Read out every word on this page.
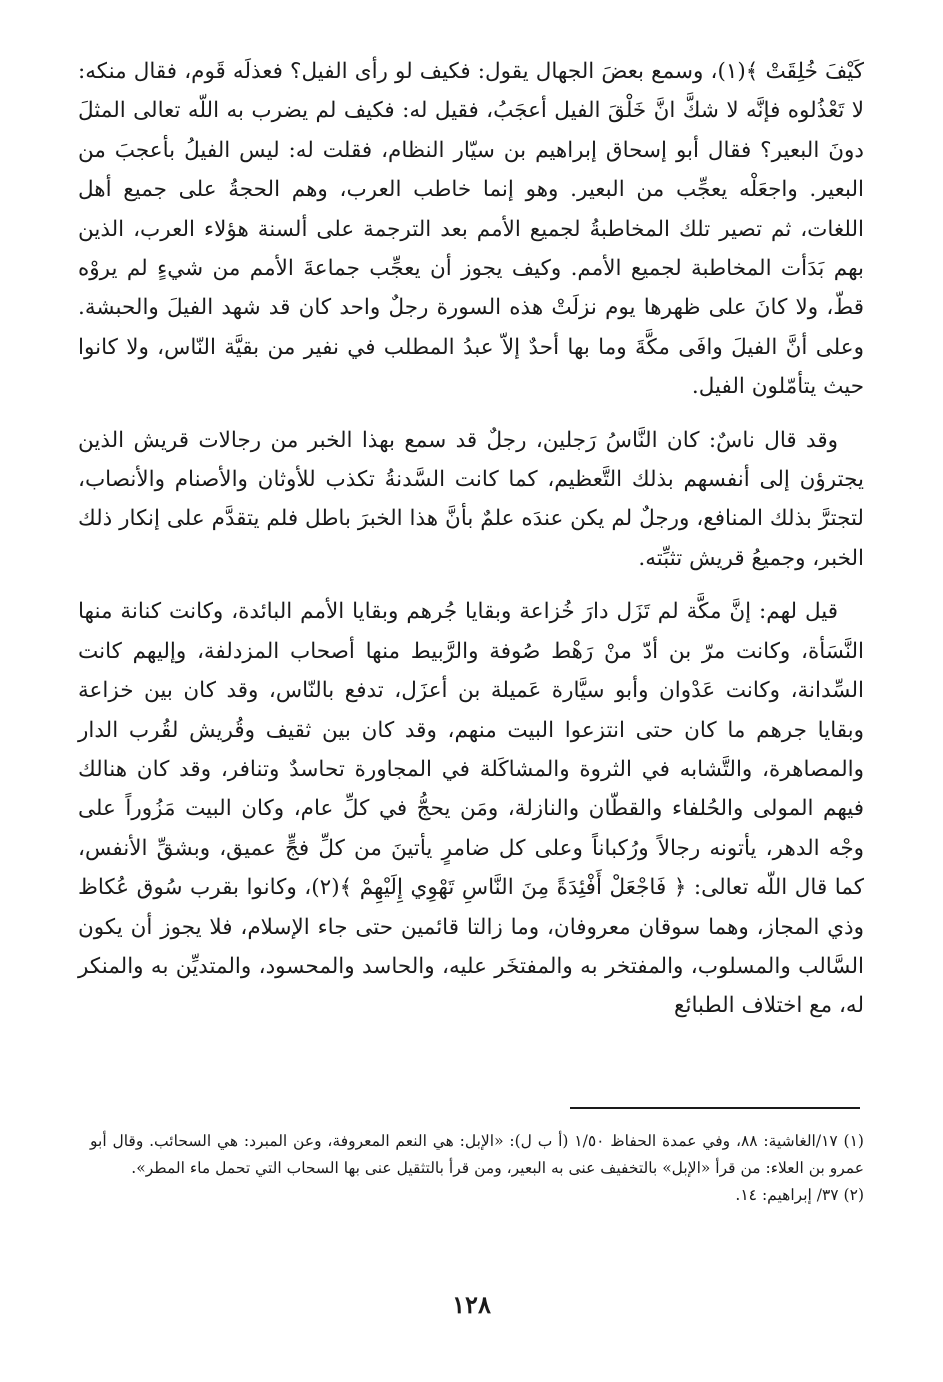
كَيْفَ خُلِقَتْ ﴾(١)، وسمع بعضَ الجهال يقول: فكيف لو رأى الفيل؟ فعذلَه قَوم، فقال منكه: لا تَعْذُلوه فإنَّه لا شكَّ انَّ خَلْقَ الفيل أعجَبُ، فقيل له: فكيف لم يضرب به اللّه تعالى المثلَ دونَ البعير؟ فقال أبو إسحاق إبراهيم بن سيّار النظام، فقلت له: ليس الفيلُ بأعجبَ من البعير. واجعَلْه يعجِّب من البعير. وهو إنما خاطب العرب، وهم الحجةُ على جميع أهل اللغات، ثم تصير تلك المخاطبةُ لجميع الأمم بعد الترجمة على ألسنة هؤلاء العرب، الذين بهم بَدَأت المخاطبة لجميع الأمم. وكيف يجوز أن يعجِّب جماعةَ الأمم من شيءٍ لم يروْه قطّ، ولا كانَ على ظهرها يوم نزلَتْ هذه السورة رجلٌ واحد كان قد شهد الفيلَ والحبشة. وعلى أنَّ الفيلَ وافَى مكَّةَ وما بها أحدٌ إلاّ عبدُ المطلب في نفير من بقيَّة النّاس، ولا كانوا حيث يتأمّلون الفيل.

وقد قال ناسٌ: كان النَّاسُ رَجلين، رجلٌ قد سمع بهذا الخبر من رجالات قريش الذين يجترؤن إلى أنفسهم بذلك التَّعظيم، كما كانت السَّدنةُ تكذب للأوثان والأصنام والأنصاب، لتجترَّ بذلك المنافع، ورجلٌ لم يكن عندَه علمٌ بأنَّ هذا الخبرَ باطل فلم يتقدَّم على إنكار ذلك الخبر، وجميعُ قريش تثبِّته.

قيل لهم: إنَّ مكَّة لم تَزَل دارَ خُزاعة وبقايا جُرهم وبقايا الأمم البائدة، وكانت كنانة منها النَّسَأة، وكانت مرّ بن أدّ منْ رَهْط صُوفة والرَّبيط منها أصحاب المزدلفة، وإليهم كانت السِّدانة، وكانت عَدْوان وأبو سيَّارة عَميلة بن أعزَل، تدفع بالنّاس، وقد كان بين خزاعة وبقايا جرهم ما كان حتى انتزعوا البيت منهم، وقد كان بين ثقيف وقُريش لقُرب الدار والمصاهرة، والتَّشابه في الثروة والمشاكَلة في المجاورة تحاسدٌ وتنافر، وقد كان هنالك فيهم المولى والحُلفاء والقطّان والنازلة، ومَن يحجُّ في كلِّ عام، وكان البيت مَزُوراً على وجْه الدهر، يأتونه رجالاً ورُكباناً وعلى كل ضامرٍ يأتينَ من كلِّ فجٍّ عميق، وبشقِّ الأنفس، كما قال اللّه تعالى: ﴿ فَاجْعَلْ أَفْئِدَةً مِنَ النَّاسِ تَهْوِي إِلَيْهِمْ ﴾(٢)، وكانوا بقرب سُوق عُكاظ وذي المجاز، وهما سوقان معروفان، وما زالتا قائمين حتى جاء الإسلام، فلا يجوز أن يكون السَّالب والمسلوب، والمفتخر به والمفتخَر عليه، والحاسد والمحسود، والمتديِّن به والمنكر له، مع اختلاف الطبائع

(١) ١٧/الغاشية: ٨٨، وفي عمدة الحفاظ ١/٥٠ (أ ب ل): «الإبل: هي النعم المعروفة، وعن المبرد: هي السحائب. وقال أبو عمرو بن العلاء: من قرأ «الإبل» بالتخفيف عنى به البعير، ومن قرأ بالتثقيل عنى بها السحاب التي تحمل ماء المطر».

(٢) ٣٧/ إبراهيم: ١٤.

١٢٨
